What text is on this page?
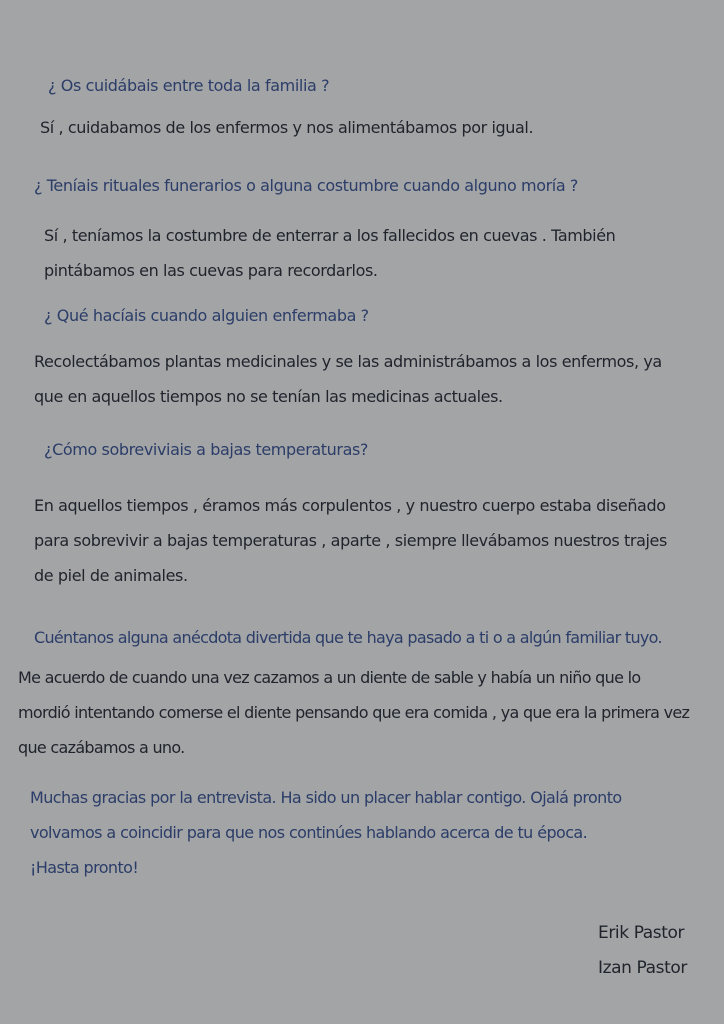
¿ Os cuidábais entre toda la familia ?

Sí , cuidabamos de los enfermos y nos alimentábamos por igual.

¿ Teníais rituales funerarios o alguna costumbre cuando alguno moría ?

Sí , teníamos la costumbre de enterrar a los fallecidos en cuevas . También
pintábamos en las cuevas para recordarlos.

¿ Qué hacíais cuando alguien enfermaba ?

Recolectábamos plantas medicinales y se las administrábamos a los enfermos, ya
que en aquellos tiempos no se tenían las medicinas actuales.

¿Cómo sobreviviais a bajas temperaturas?

En aquellos tiempos , éramos más corpulentos , y nuestro cuerpo estaba diseñado
para sobrevivir a bajas temperaturas , aparte , siempre llevábamos nuestros trajes
de piel de animales.

Cuéntanos alguna anécdota divertida que te haya pasado a ti o a algún familiar tuyo.

Me acuerdo de cuando una vez cazamos a un diente de sable y había un niño que lo
mordió intentando comerse el diente pensando que era comida , ya que era la primera vez
que cazábamos a uno.
Muchas gracias por la entrevista. Ha sido un placer hablar contigo. Ojalá pronto
volvamos a coincidir para que nos continúes hablando acerca de tu época.
¡Hasta pronto!
Erik Pastor
Izan Pastor
